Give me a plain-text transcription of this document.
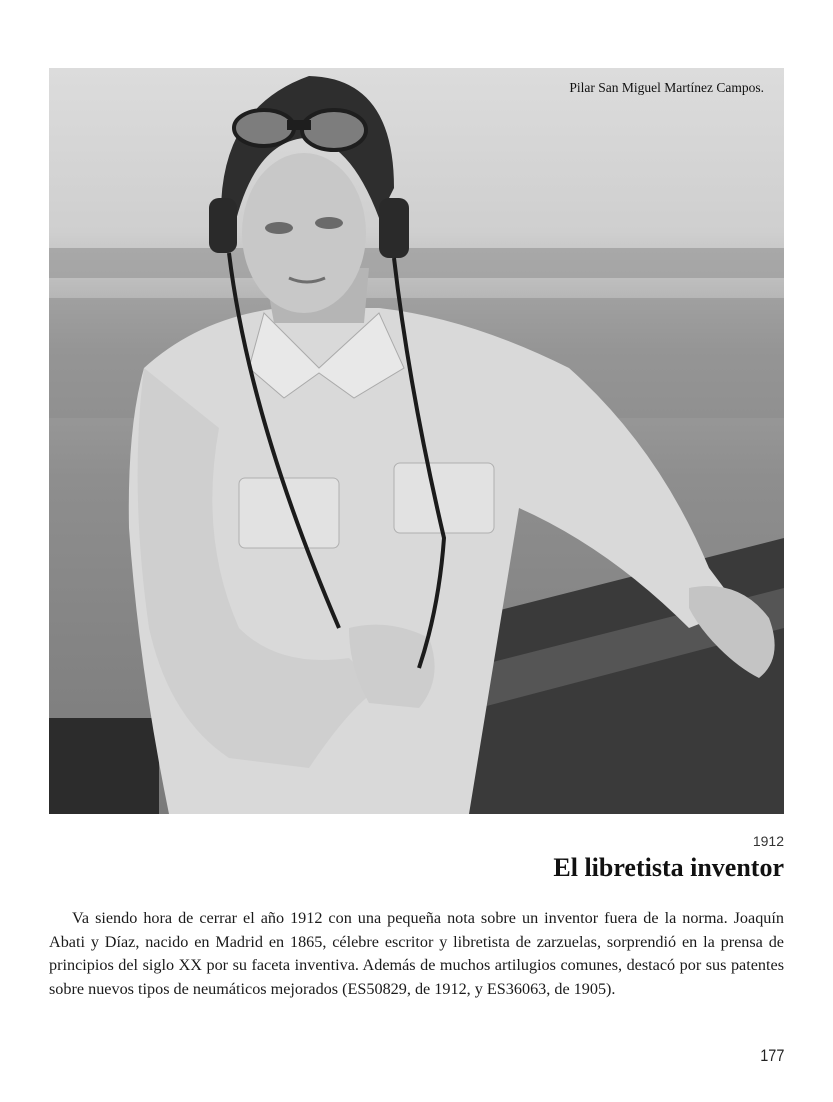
Pilar San Miguel Martínez Campos.
1912
El libretista inventor

Va siendo hora de cerrar el año 1912 con una pequeña nota sobre un inventor fuera de la norma. Joaquín Abati y Díaz, nacido en Madrid en 1865, célebre escritor y libretista de zarzuelas, sorprendió en la prensa de principios del siglo XX por su faceta inventiva. Además de muchos artilugios comunes, destacó por sus patentes sobre nuevos tipos de neumáticos mejorados (ES50829, de 1912, y ES36063, de 1905).

177
